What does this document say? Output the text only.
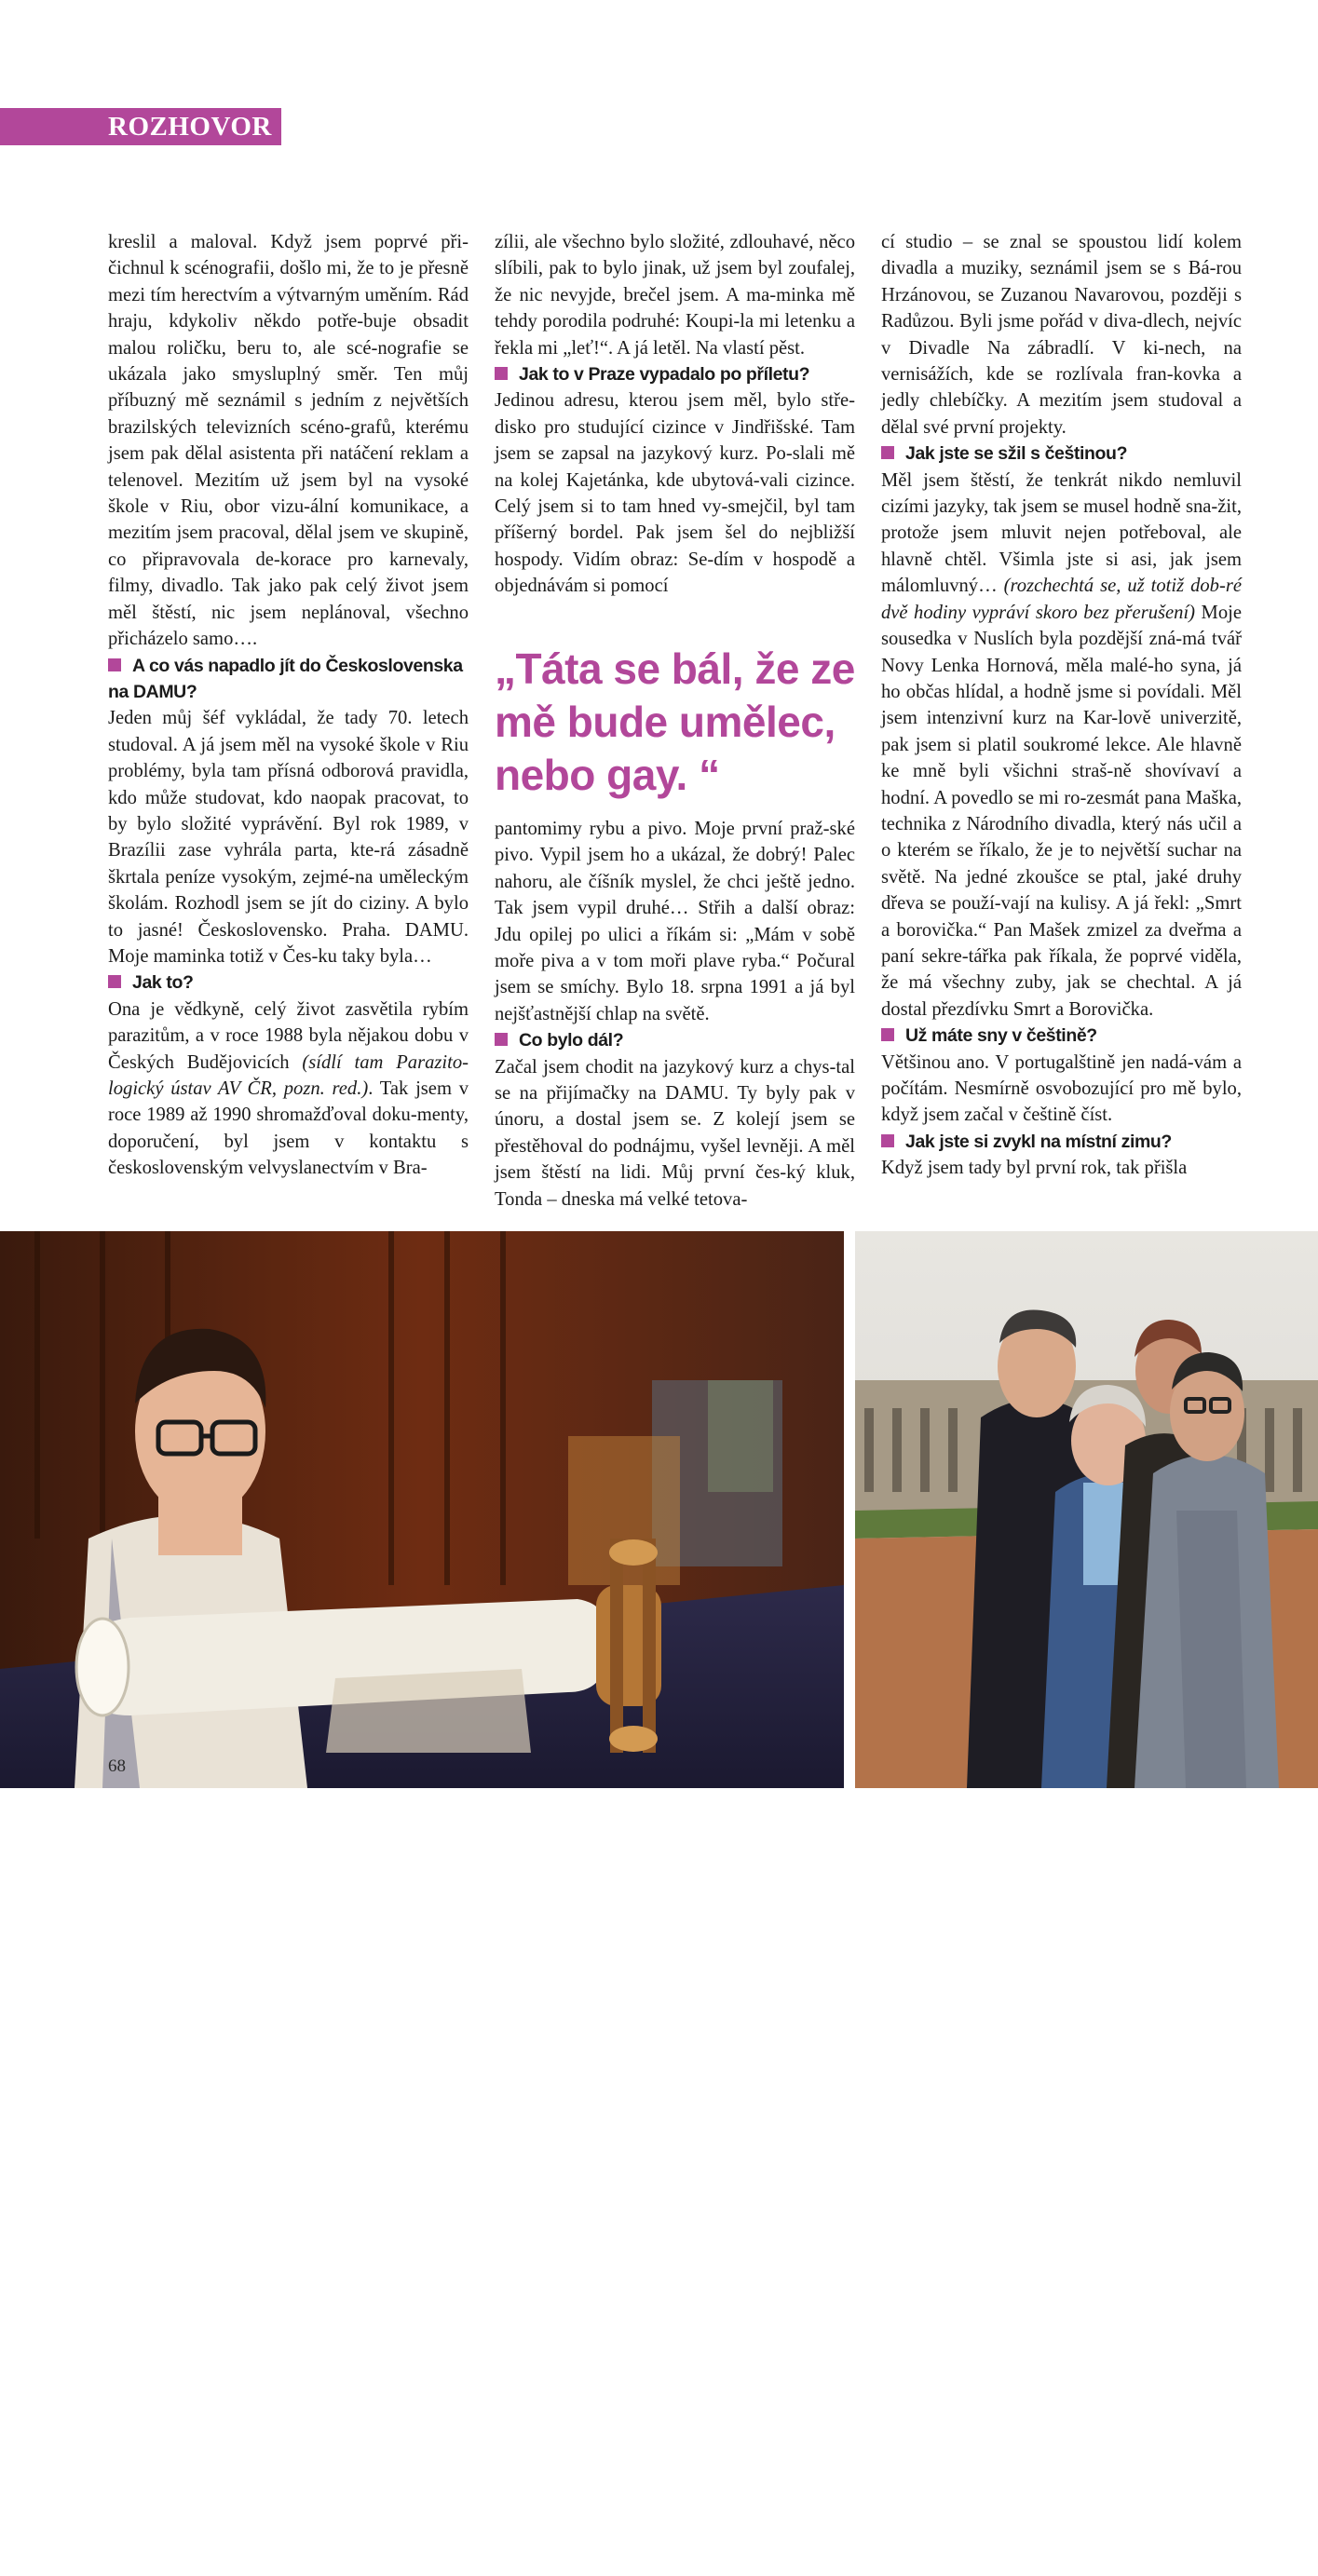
ROZHOVOR

kreslil a maloval. Když jsem poprvé při-čichnul k scénografii, došlo mi, že to je přesně mezi tím herectvím a výtvarným uměním. Rád hraju, kdykoliv někdo potře-buje obsadit malou roličku, beru to, ale scé-nografie se ukázala jako smysluplný směr. Ten můj příbuzný mě seznámil s jedním z největších brazilských televizních scéno-grafů, kterému jsem pak dělal asistenta při natáčení reklam a telenovel. Mezitím už jsem byl na vysoké škole v Riu, obor vizu-ální komunikace, a mezitím jsem pracoval, dělal jsem ve skupině, co připravovala de-korace pro karnevaly, filmy, divadlo. Tak jako pak celý život jsem měl štěstí, nic jsem neplánoval, všechno přicházelo samo….

A co vás napadlo jít do Československa na DAMU?

Jeden můj šéf vykládal, že tady 70. letech studoval. A já jsem měl na vysoké škole v Riu problémy, byla tam přísná odborová pravidla, kdo může studovat, kdo naopak pracovat, to by bylo složité vyprávění. Byl rok 1989, v Brazílii zase vyhrála parta, kte-rá zásadně škrtala peníze vysokým, zejmé-na uměleckým školám. Rozhodl jsem se jít do ciziny. A bylo to jasné! Československo. Praha. DAMU. Moje maminka totiž v Čes-ku taky byla…

Jak to?

Ona je vědkyně, celý život zasvětila rybím parazitům, a v roce 1988 byla nějakou dobu v Českých Budějovicích (sídlí tam Parazito-logický ústav AV ČR, pozn. red.). Tak jsem v roce 1989 až 1990 shromažďoval doku-menty, doporučení, byl jsem v kontaktu s československým velvyslanectvím v Bra-

zílii, ale všechno bylo složité, zdlouhavé, něco slíbili, pak to bylo jinak, už jsem byl zoufalej, že nic nevyjde, brečel jsem. A ma-minka mě tehdy porodila podruhé: Koupi-la mi letenku a řekla mi „leť!“. A já letěl. Na vlastí pěst.

Jak to v Praze vypadalo po příletu?

Jedinou adresu, kterou jsem měl, bylo stře-disko pro studující cizince v Jindřišské. Tam jsem se zapsal na jazykový kurz. Po-slali mě na kolej Kajetánka, kde ubytová-vali cizince. Celý jsem si to tam hned vy-smejčil, byl tam příšerný bordel. Pak jsem šel do nejbližší hospody. Vidím obraz: Se-dím v hospodě a objednávám si pomocí

„Táta se bál, že ze mě bude umělec, nebo gay. “

pantomimy rybu a pivo. Moje první praž-ské pivo. Vypil jsem ho a ukázal, že dobrý! Palec nahoru, ale číšník myslel, že chci ještě jedno. Tak jsem vypil druhé… Střih a další obraz: Jdu opilej po ulici a říkám si: „Mám v sobě moře piva a v tom moři plave ryba.“ Počural jsem se smíchy. Bylo 18. srpna 1991 a já byl nejšťastnější chlap na světě.

Co bylo dál?

Začal jsem chodit na jazykový kurz a chys-tal se na přijímačky na DAMU. Ty byly pak v únoru, a dostal jsem se. Z kolejí jsem se přestěhoval do podnájmu, vyšel levněji. A měl jsem štěstí na lidi. Můj první čes-ký kluk, Tonda – dneska má velké tetova-

cí studio – se znal se spoustou lidí kolem divadla a muziky, seznámil jsem se s Bá-rou Hrzánovou, se Zuzanou Navarovou, později s Radůzou. Byli jsme pořád v diva-dlech, nejvíc v Divadle Na zábradlí. V ki-nech, na vernisážích, kde se rozlívala fran-kovka a jedly chlebíčky. A mezitím jsem studoval a dělal své první projekty.

Jak jste se sžil s češtinou?

Měl jsem štěstí, že tenkrát nikdo nemluvil cizími jazyky, tak jsem se musel hodně sna-žit, protože jsem mluvit nejen potřeboval, ale hlavně chtěl. Všimla jste si asi, jak jsem málomluvný… (rozchechtá se, už totiž dob-ré dvě hodiny vypráví skoro bez přerušení) Moje sousedka v Nuslích byla pozdější zná-má tvář Novy Lenka Hornová, měla malé-ho syna, já ho občas hlídal, a hodně jsme si povídali. Měl jsem intenzivní kurz na Kar-lově univerzitě, pak jsem si platil soukromé lekce. Ale hlavně ke mně byli všichni straš-ně shovívaví a hodní. A povedlo se mi ro-zesmát pana Maška, technika z Národního divadla, který nás učil a o kterém se říkalo, že je to největší suchar na světě. Na jedné zkoušce se ptal, jaké druhy dřeva se použí-vají na kulisy. A já řekl: „Smrt a borovička.“ Pan Mašek zmizel za dveřma a paní sekre-tářka pak říkala, že poprvé viděla, že má všechny zuby, jak se chechtal. A já dostal přezdívku Smrt a Borovička.

Už máte sny v češtině?

Většinou ano. V portugalštině jen nadá-vám a počítám. Nesmírně osvobozující pro mě bylo, když jsem začal v češtině číst.

Jak jste si zvykl na místní zimu?

Když jsem tady byl první rok, tak přišla

„To je moje ´bar micva´. Je mi třináct let. Chlapec se stává v očích židovské komunity dospělým a poprvé veřejně čte z Tóry.“ v
68
